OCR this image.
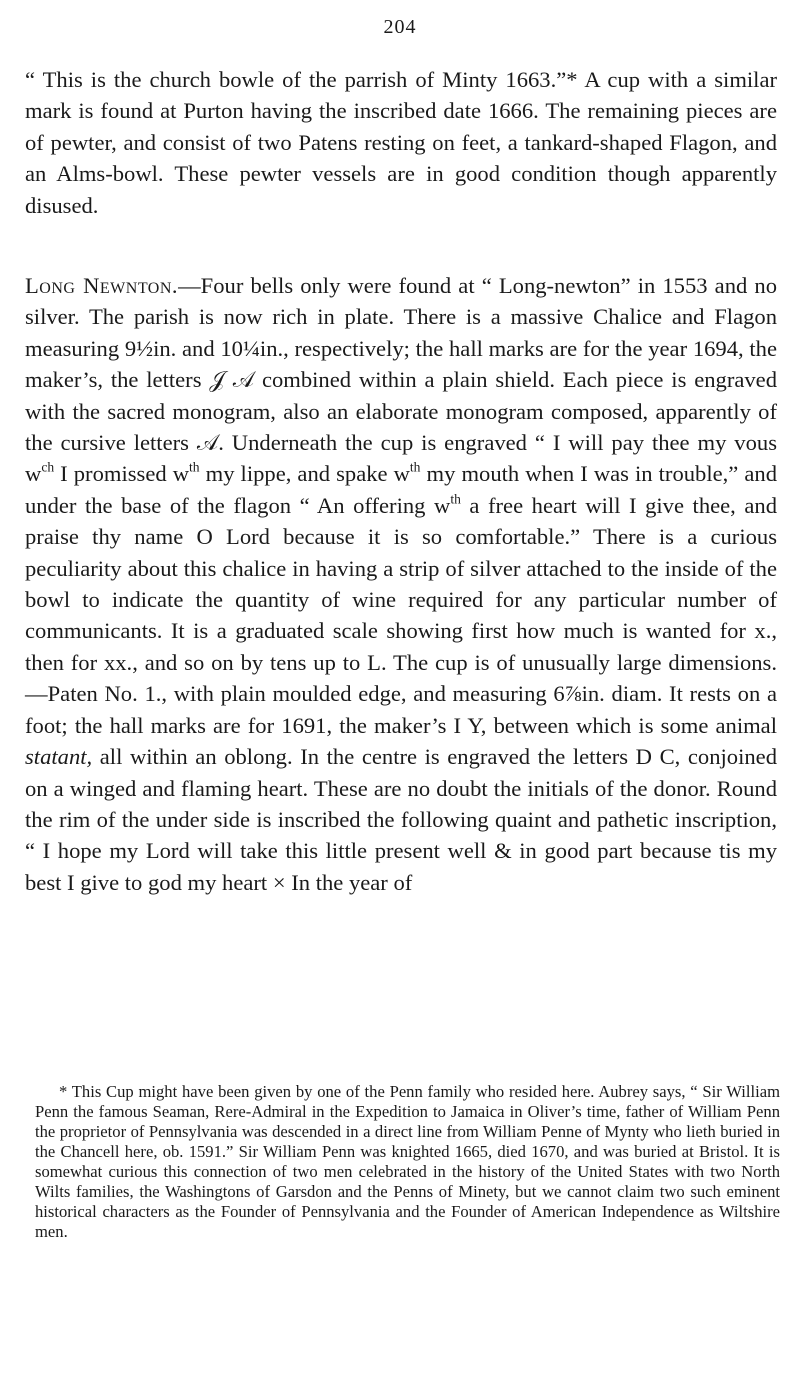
204

“ This is the church bowle of the parrish of Minty 1663.”* A cup with a similar mark is found at Purton having the inscribed date 1666. The remaining pieces are of pewter, and consist of two Patens resting on feet, a tankard-shaped Flagon, and an Alms-bowl. These pewter vessels are in good condition though apparently disused.

Long Newnton.—Four bells only were found at “ Long-newton” in 1553 and no silver. The parish is now rich in plate. There is a massive Chalice and Flagon measuring 9½in. and 10¼in., respectively; the hall marks are for the year 1694, the maker’s, the letters 𝒥 𝒜 combined within a plain shield. Each piece is engraved with the sacred monogram, also an elaborate monogram composed, apparently of the cursive letters 𝒜. Underneath the cup is engraved “ I will pay thee my vous $w^{ch}$ I promissed $w^{th}$ my lippe, and spake $w^{th}$ my mouth when I was in trouble,” and under the base of the flagon “ An offering $w^{th}$ a free heart will I give thee, and praise thy name O Lord because it is so comfortable.” There is a curious peculiarity about this chalice in having a strip of silver attached to the inside of the bowl to indicate the quantity of wine required for any particular number of communicants. It is a graduated scale showing first how much is wanted for x., then for xx., and so on by tens up to L. The cup is of unusually large dimensions.—Paten No. 1., with plain moulded edge, and measuring 6⅞in. diam. It rests on a foot; the hall marks are for 1691, the maker’s I Y, between which is some animal statant, all within an oblong. In the centre is engraved the letters D C, conjoined on a winged and flaming heart. These are no doubt the initials of the donor. Round the rim of the under side is inscribed the following quaint and pathetic inscription, “ I hope my Lord will take this little present well & in good part because tis my best I give to god my heart × In the year of

* This Cup might have been given by one of the Penn family who resided here. Aubrey says, “ Sir William Penn the famous Seaman, Rere-Admiral in the Expedition to Jamaica in Oliver’s time, father of William Penn the proprietor of Pennsylvania was descended in a direct line from William Penne of Mynty who lieth buried in the Chancell here, ob. 1591.” Sir William Penn was knighted 1665, died 1670, and was buried at Bristol. It is somewhat curious this connection of two men celebrated in the history of the United States with two North Wilts families, the Washingtons of Garsdon and the Penns of Minety, but we cannot claim two such eminent historical characters as the Founder of Pennsylvania and the Founder of American Independence as Wiltshire men.
